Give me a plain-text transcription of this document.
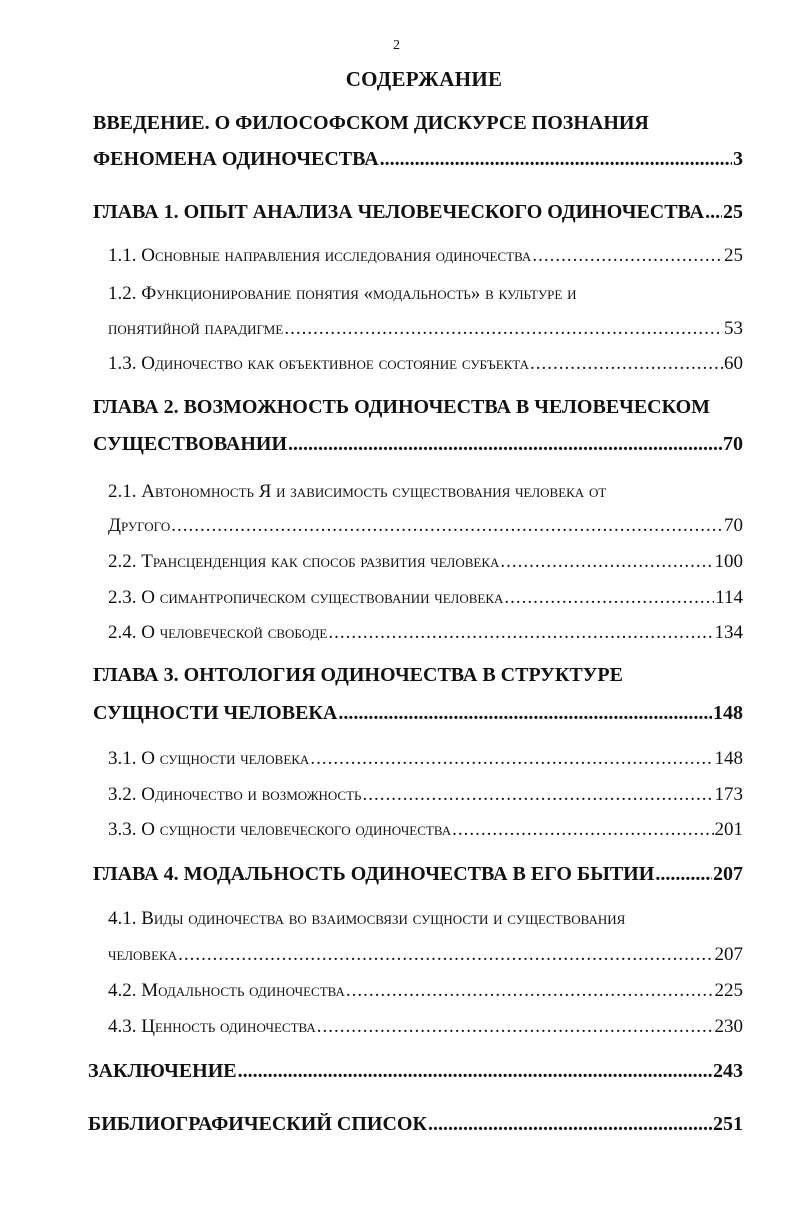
2
СОДЕРЖАНИЕ
ВВЕДЕНИЕ. О ФИЛОСОФСКОМ ДИСКУРСЕ ПОЗНАНИЯ
ФЕНОМЕНА ОДИНОЧЕСТВА .....	3
ГЛАВА 1. ОПЫТ АНАЛИЗА ЧЕЛОВЕЧЕСКОГО ОДИНОЧЕСТВА ..... 25
1.1. Основные направления исследования одиночества .....	25
1.2. Функционирование понятия «модальность» в культуре и
понятийной парадигме .....	53
1.3. Одиночество как объективное состояние субъекта .....	60
ГЛАВА 2. ВОЗМОЖНОСТЬ ОДИНОЧЕСТВА В ЧЕЛОВЕЧЕСКОМ
СУЩЕСТВОВАНИИ .....	70
2.1. Автономность Я и зависимость существования человека от
Другого .....	70
2.2. Трансценденция как способ развития человека .....	100
2.3. О симантропическом существовании человека .....	114
2.4. О человеческой свободе .....	134
ГЛАВА 3. ОНТОЛОГИЯ ОДИНОЧЕСТВА В СТРУКТУРЕ
СУЩНОСТИ ЧЕЛОВЕКА .....	148
3.1. О сущности человека .....	148
3.2. Одиночество и возможность .....	173
3.3. О сущности человеческого одиночества .....	201
ГЛАВА 4. МОДАЛЬНОСТЬ ОДИНОЧЕСТВА В ЕГО БЫТИИ .....	207
4.1. Виды одиночества во взаимосвязи сущности и существования
человека .....	207
4.2. Модальность одиночества .....	225
4.3. Ценность одиночества .....	230
ЗАКЛЮЧЕНИЕ .....	243
БИБЛИОГРАФИЧЕСКИЙ СПИСОК .....	251
